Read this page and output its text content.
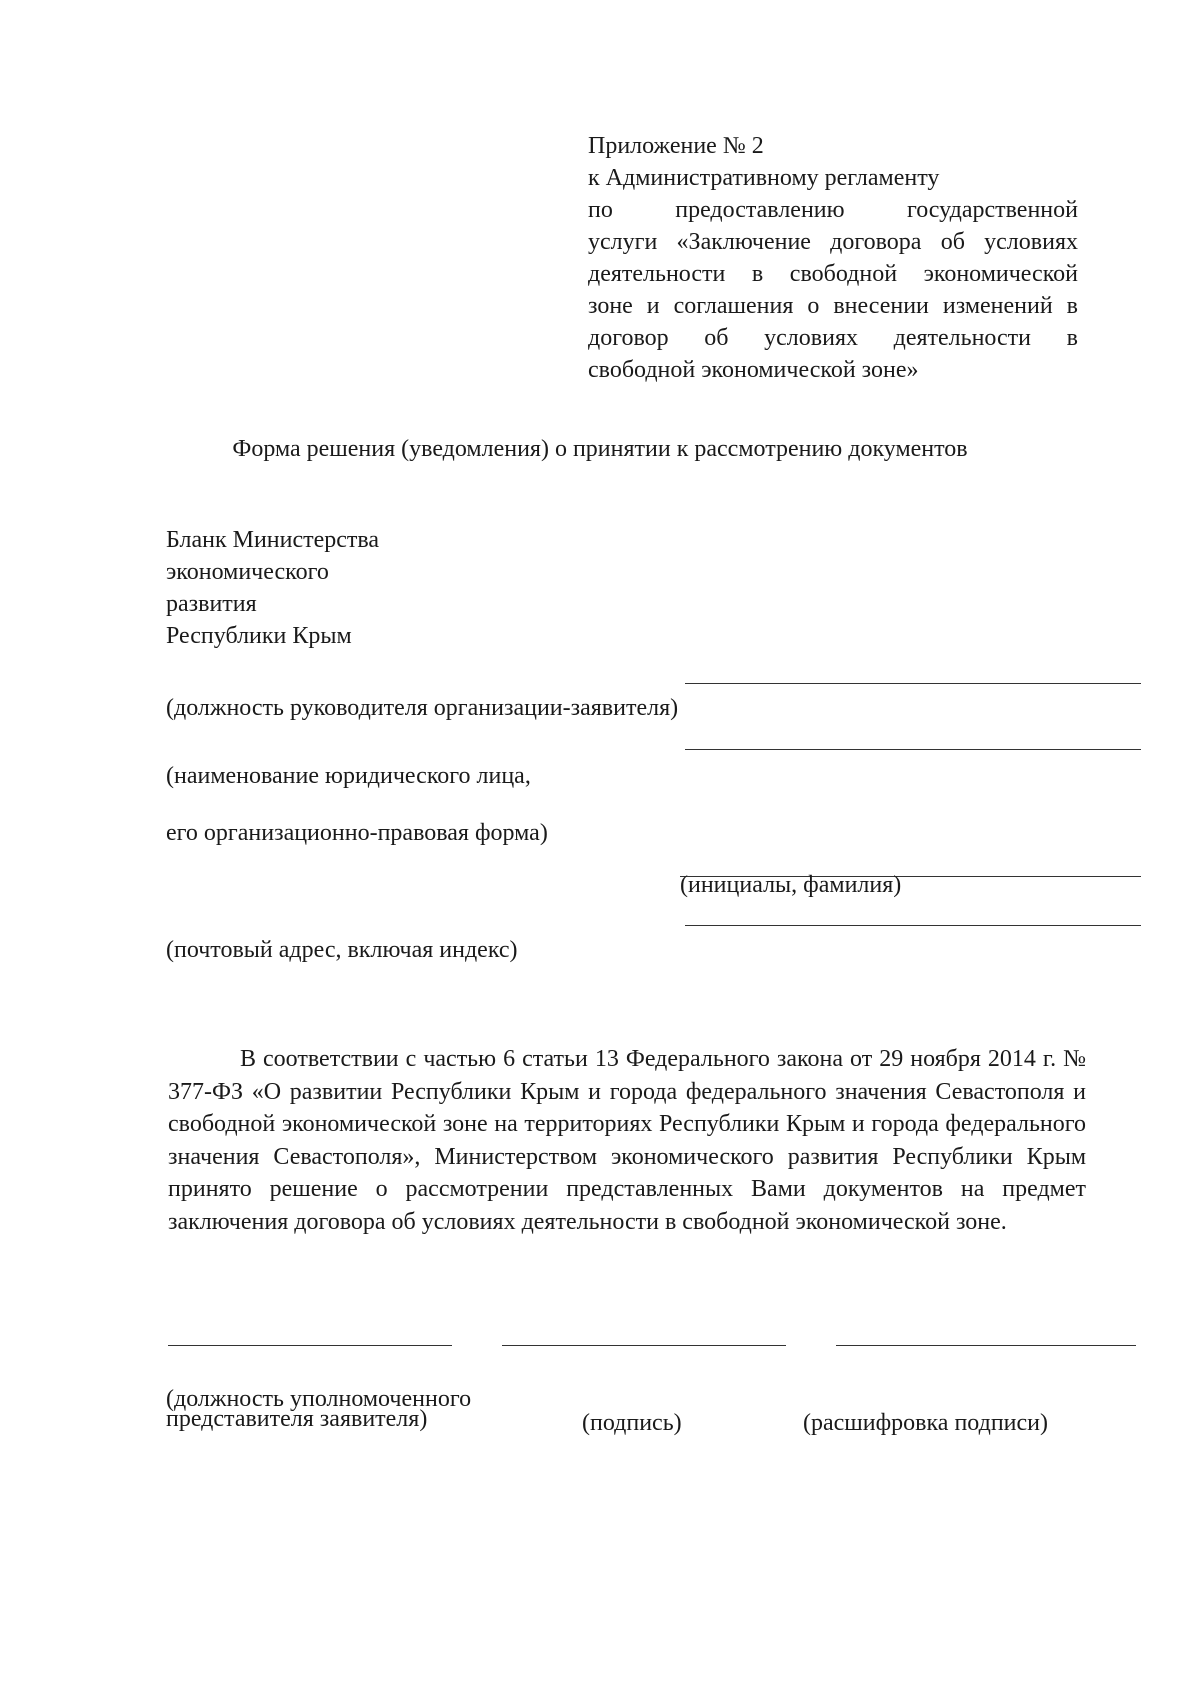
Приложение № 2
к Административному регламенту
по предоставлению государственной
услуги «Заключение договора об условиях
деятельности в свободной экономической
зоне и соглашения о внесении изменений в
договор об условиях деятельности в
свободной экономической зоне»
Форма решения (уведомления) о принятии к рассмотрению документов
Бланк Министерства
экономического
развития
Республики Крым
(должность руководителя организации-заявителя)
(наименование юридического лица,
его организационно-правовая форма)
(инициалы, фамилия)
(почтовый адрес, включая индекс)
В соответствии с частью 6 статьи 13 Федерального закона от 29 ноября 2014 г. № 377-ФЗ «О развитии Республики Крым и города федерального значения Севастополя и свободной экономической зоне на территориях Республики Крым и города федерального значения Севастополя», Министерством экономического развития Республики Крым принято решение о рассмотрении представленных Вами документов на предмет заключения договора об условиях деятельности в свободной экономической зоне.
(должность уполномоченного
представителя заявителя)	(подпись)	(расшифровка подписи)
